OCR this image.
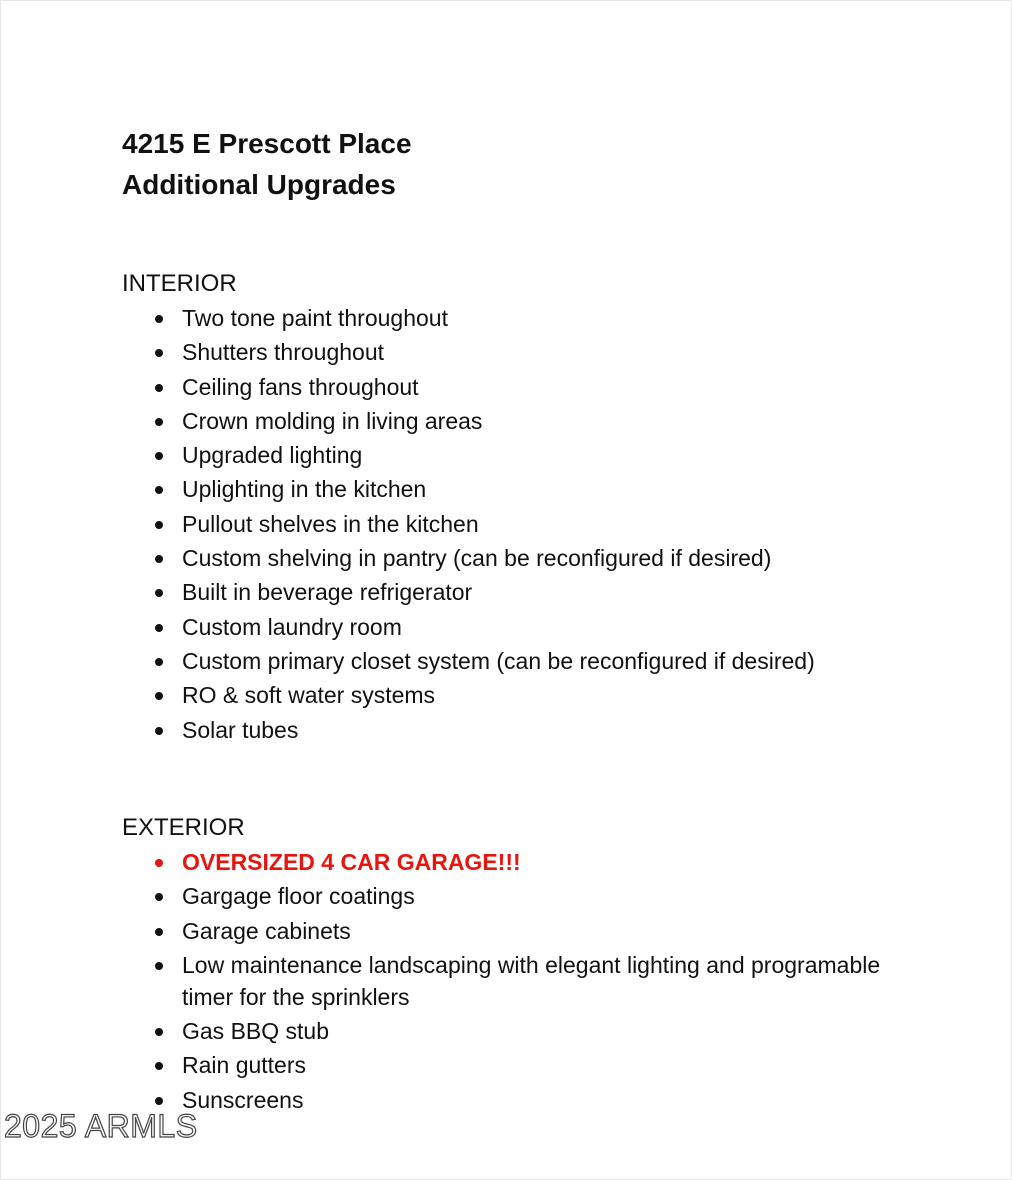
4215 E Prescott Place
Additional Upgrades
INTERIOR
Two tone paint throughout
Shutters throughout
Ceiling fans throughout
Crown molding in living areas
Upgraded lighting
Uplighting in the kitchen
Pullout shelves in the kitchen
Custom shelving in pantry (can be reconfigured if desired)
Built in beverage refrigerator
Custom laundry room
Custom primary closet system (can be reconfigured if desired)
RO & soft water systems
Solar tubes
EXTERIOR
OVERSIZED 4 CAR GARAGE!!!
Gargage floor coatings
Garage cabinets
Low maintenance landscaping with elegant lighting and programable timer for the sprinklers
Gas BBQ stub
Rain gutters
Sunscreens
2025 ARMLS
